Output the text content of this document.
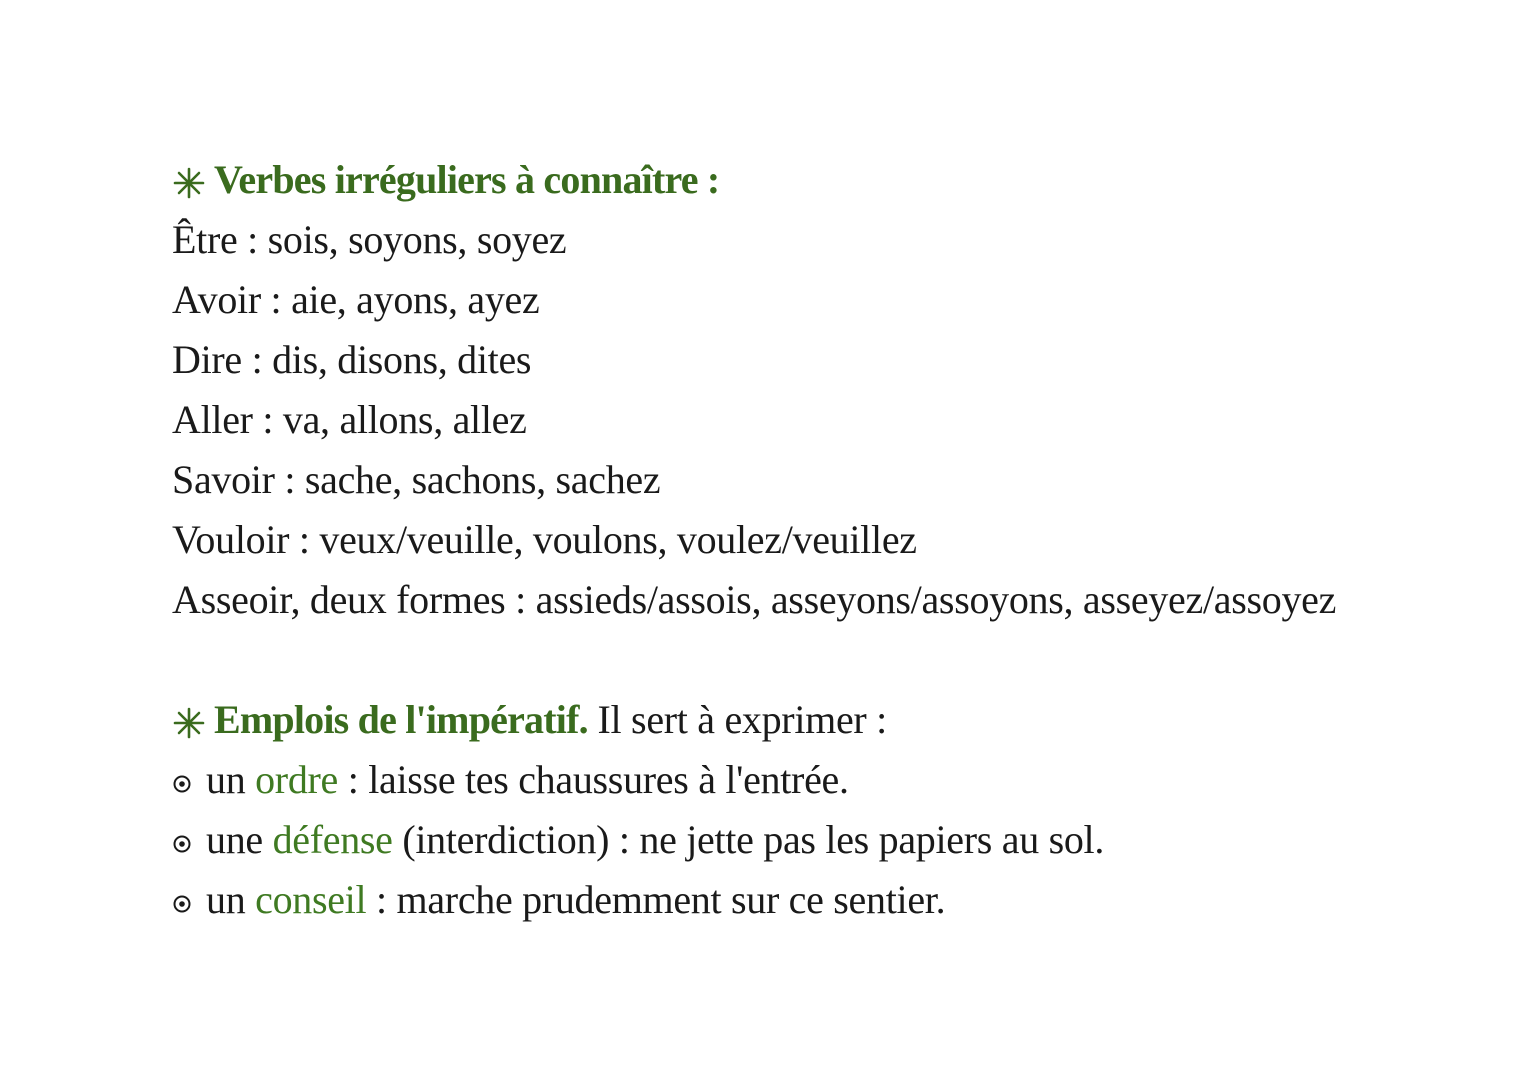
Verbes irréguliers à connaître :
Être : sois, soyons, soyez
Avoir : aie, ayons, ayez
Dire : dis, disons, dites
Aller : va, allons, allez
Savoir : sache, sachons, sachez
Vouloir : veux/veuille, voulons, voulez/veuillez
Asseoir, deux formes : assieds/assois, asseyons/assoyons, asseyez/assoyez
Emplois de l'impératif. Il sert à exprimer :
un ordre : laisse tes chaussures à l'entrée.
une défense (interdiction) : ne jette pas les papiers au sol.
un conseil : marche prudemment sur ce sentier.
